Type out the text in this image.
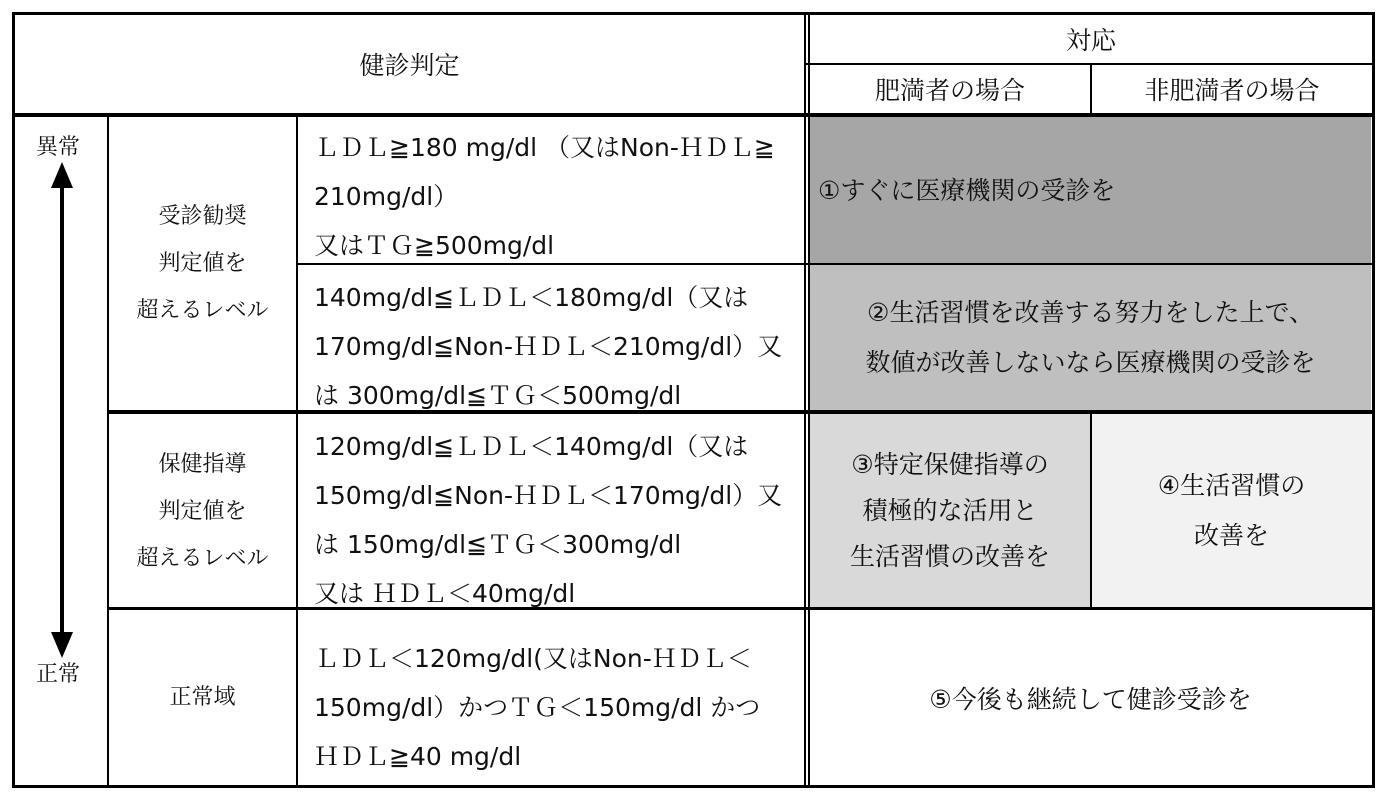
健診判定
対応
肥満者の場合	非肥満者の場合
異常
正常
受診勧奨
判定値を
超えるレベル
保健指導
判定値を
超えるレベル
正常域
ＬＤＬ≧180 mg/dl （又はNon-ＨＤＬ≧
210mg/dl）
又はＴＧ≧500mg/dl
140mg/dl≦ＬＤＬ＜180mg/dl（又は
170mg/dl≦Non-ＨＤＬ＜210mg/dl）又
は 300mg/dl≦ＴＧ＜500mg/dl
120mg/dl≦ＬＤＬ＜140mg/dl（又は
150mg/dl≦Non-ＨＤＬ＜170mg/dl）又
は 150mg/dl≦ＴＧ＜300mg/dl
又は ＨＤＬ＜40mg/dl
ＬＤＬ＜120mg/dl(又はNon-ＨＤＬ＜
150mg/dl）かつＴＧ＜150mg/dl かつ
ＨＤＬ≧40 mg/dl
①すぐに医療機関の受診を
②生活習慣を改善する努力をした上で、
数値が改善しないなら医療機関の受診を
③特定保健指導の
積極的な活用と
生活習慣の改善を
④生活習慣の
改善を
⑤今後も継続して健診受診を
